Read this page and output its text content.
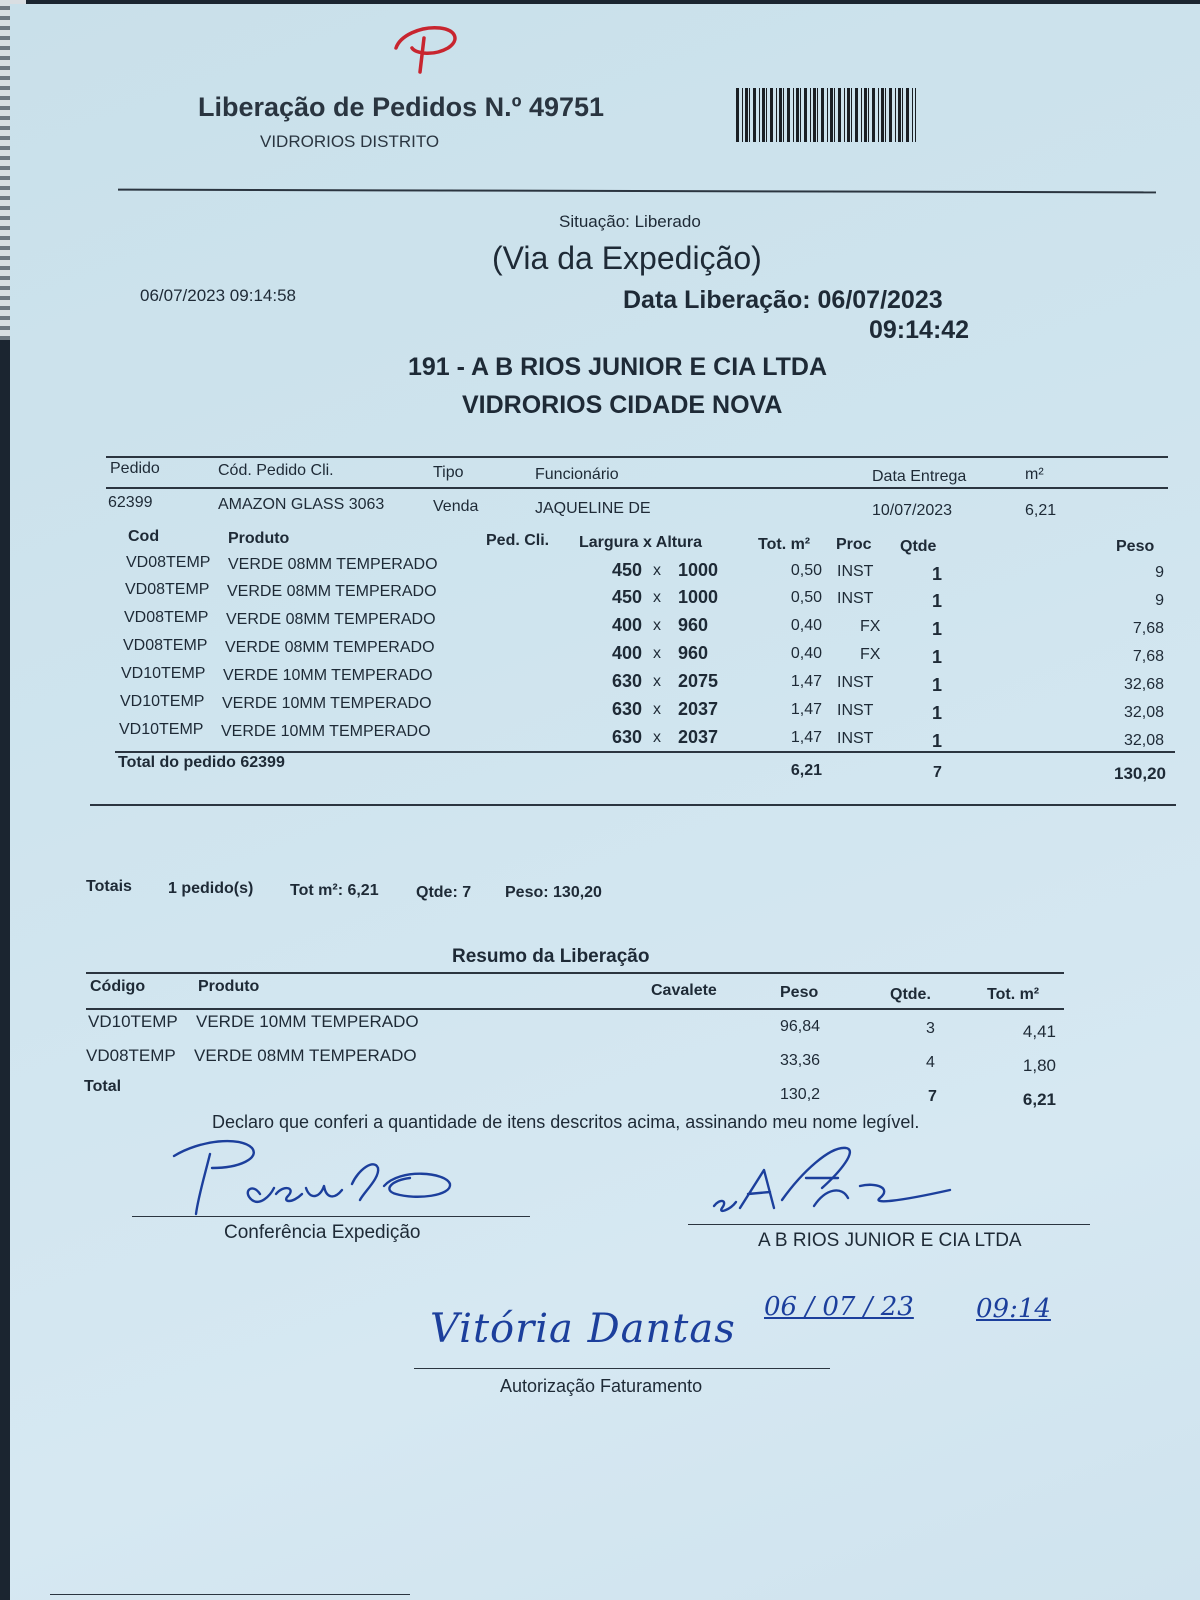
Liberação de Pedidos N.º 49751
VIDRORIOS DISTRITO
Situação: Liberado
(Via da Expedição)
06/07/2023 09:14:58	Data Liberação: 06/07/2023
09:14:42
191 - A B RIOS JUNIOR E CIA LTDA
VIDRORIOS CIDADE NOVA
Pedido	Cód. Pedido Cli.	Tipo	Funcionário	Data Entrega	m²
62399	AMAZON GLASS 3063	Venda	JAQUELINE DE	10/07/2023	6,21
Cod	Produto	Ped. Cli. Largura x Altura	Tot. m² Proc Qtde	Peso
VD08TEMP VERDE 08MM TEMPERADO	450 x 1000	0,50 INST	1	9
VD08TEMP VERDE 08MM TEMPERADO	450 x 1000	0,50 INST	1	9
VD08TEMP VERDE 08MM TEMPERADO	400 x 960	0,40 FX	1	7,68
VD08TEMP VERDE 08MM TEMPERADO	400 x 960	0,40 FX	1	7,68
VD10TEMP VERDE 10MM TEMPERADO	630 x 2075	1,47 INST	1	32,68
VD10TEMP VERDE 10MM TEMPERADO	630 x 2037	1,47 INST	1	32,08
VD10TEMP VERDE 10MM TEMPERADO	630 x 2037	1,47 INST	1	32,08
Total do pedido 62399	6,21	7	130,20
Totais 1 pedido(s) Tot m²: 6,21 Qtde: 7 Peso: 130,20
Resumo da Liberação
Código	Produto	Cavalete	Peso	Qtde.	Tot. m²
VD10TEMP VERDE 10MM TEMPERADO	96,84	3	4,41
VD08TEMP VERDE 08MM TEMPERADO	33,36	4	1,80
Total	130,2	7	6,21
Declaro que conferi a quantidade de itens descritos acima, assinando meu nome legível.
Conferência Expedição	A B RIOS JUNIOR E CIA LTDA
06 / 07 / 23 09:14
Vitória Dantas
Autorização Faturamento
